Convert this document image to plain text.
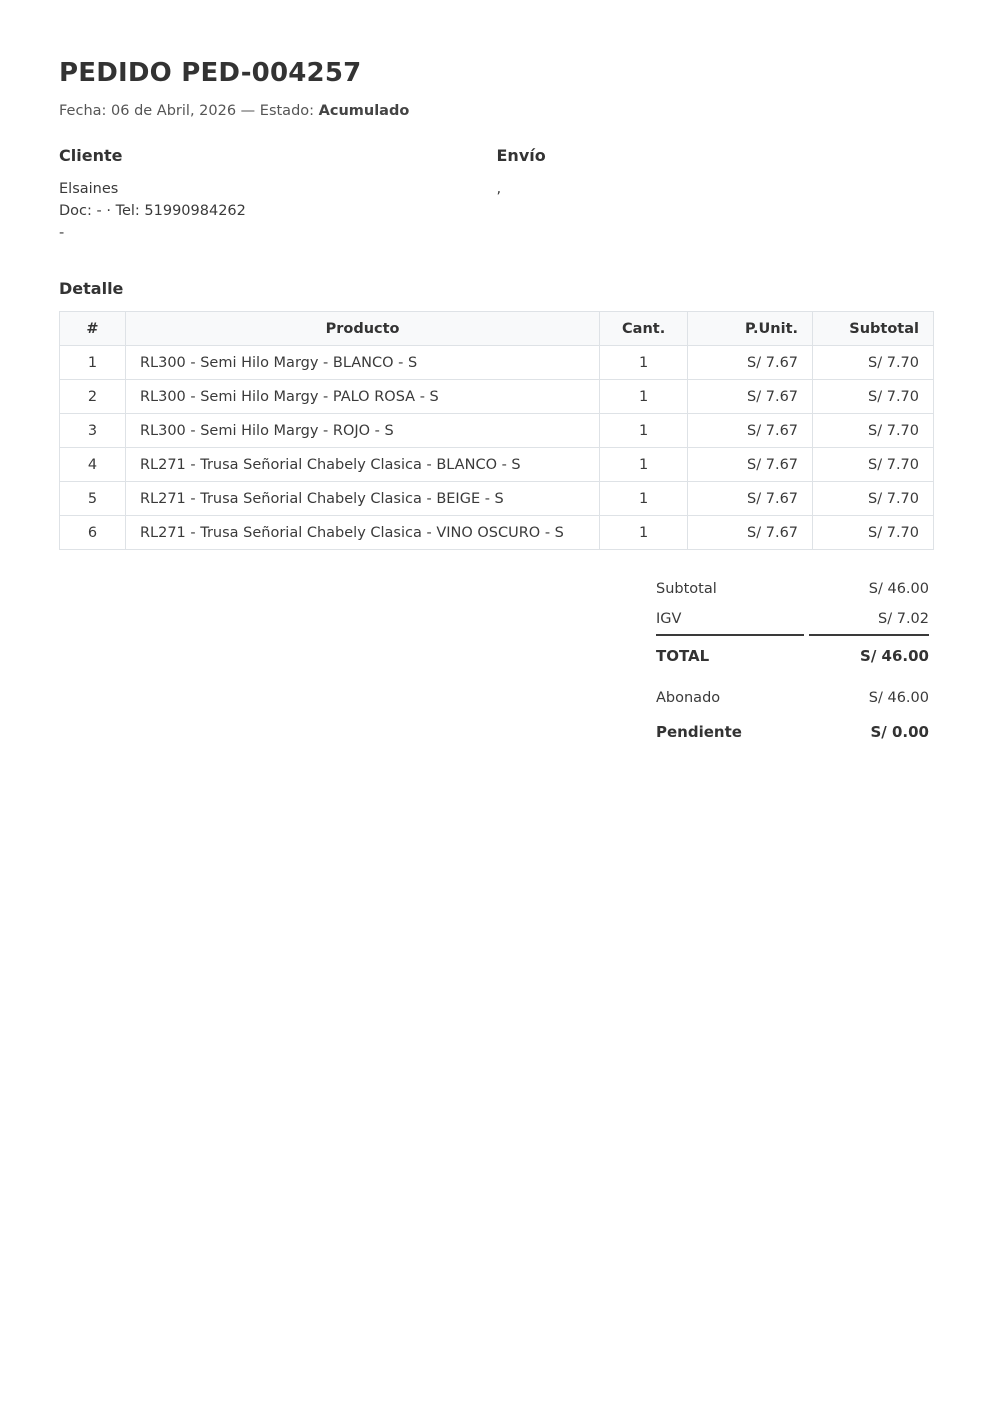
PEDIDO PED-004257
Fecha: 06 de Abril, 2026 — Estado: Acumulado
Cliente
Elsaines
Doc: - · Tel: 51990984262
-
Envío
,
Detalle
#	Producto	Cant.	P.Unit.	Subtotal
1	RL300 - Semi Hilo Margy - BLANCO - S	1	S/ 7.67	S/ 7.70
2	RL300 - Semi Hilo Margy - PALO ROSA - S	1	S/ 7.67	S/ 7.70
3	RL300 - Semi Hilo Margy - ROJO - S	1	S/ 7.67	S/ 7.70
4	RL271 - Trusa Señorial Chabely Clasica - BLANCO - S	1	S/ 7.67	S/ 7.70
5	RL271 - Trusa Señorial Chabely Clasica - BEIGE - S	1	S/ 7.67	S/ 7.70
6	RL271 - Trusa Señorial Chabely Clasica - VINO OSCURO - S	1	S/ 7.67	S/ 7.70
Subtotal	S/ 46.00
IGV	S/ 7.02
TOTAL	S/ 46.00
Abonado	S/ 46.00
Pendiente	S/ 0.00
